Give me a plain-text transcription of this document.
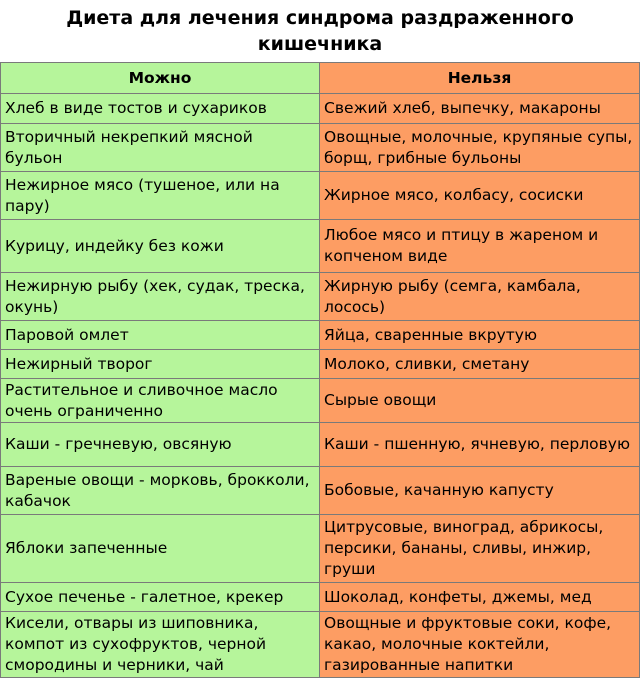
Диета для лечения синдрома раздраженного кишечника
Можно	Нельзя
Хлеб в виде тостов и сухариков	Свежий хлеб, выпечку, макароны
Вторичный некрепкий мясной бульон	Овощные, молочные, крупяные супы, борщ, грибные бульоны
Нежирное мясо (тушеное, или на пару)	Жирное мясо, колбасу, сосиски
Курицу, индейку без кожи	Любое мясо и птицу в жареном и копченом виде
Нежирную рыбу (хек, судак, треска, окунь)	Жирную рыбу (семга, камбала, лосось)
Паровой омлет	Яйца, сваренные вкрутую
Нежирный творог	Молоко, сливки, сметану
Растительное и сливочное масло очень ограниченно	Сырые овощи
Каши - гречневую, овсяную	Каши - пшенную, ячневую, перловую
Вареные овощи - морковь, брокколи, кабачок	Бобовые, качанную капусту
Яблоки запеченные	Цитрусовые, виноград, абрикосы, персики, бананы, сливы, инжир, груши
Сухое печенье - галетное, крекер	Шоколад, конфеты, джемы, мед
Кисели, отвары из шиповника, компот из сухофруктов, черной смородины и черники, чай	Овощные и фруктовые соки, кофе, какао, молочные коктейли, газированные напитки
